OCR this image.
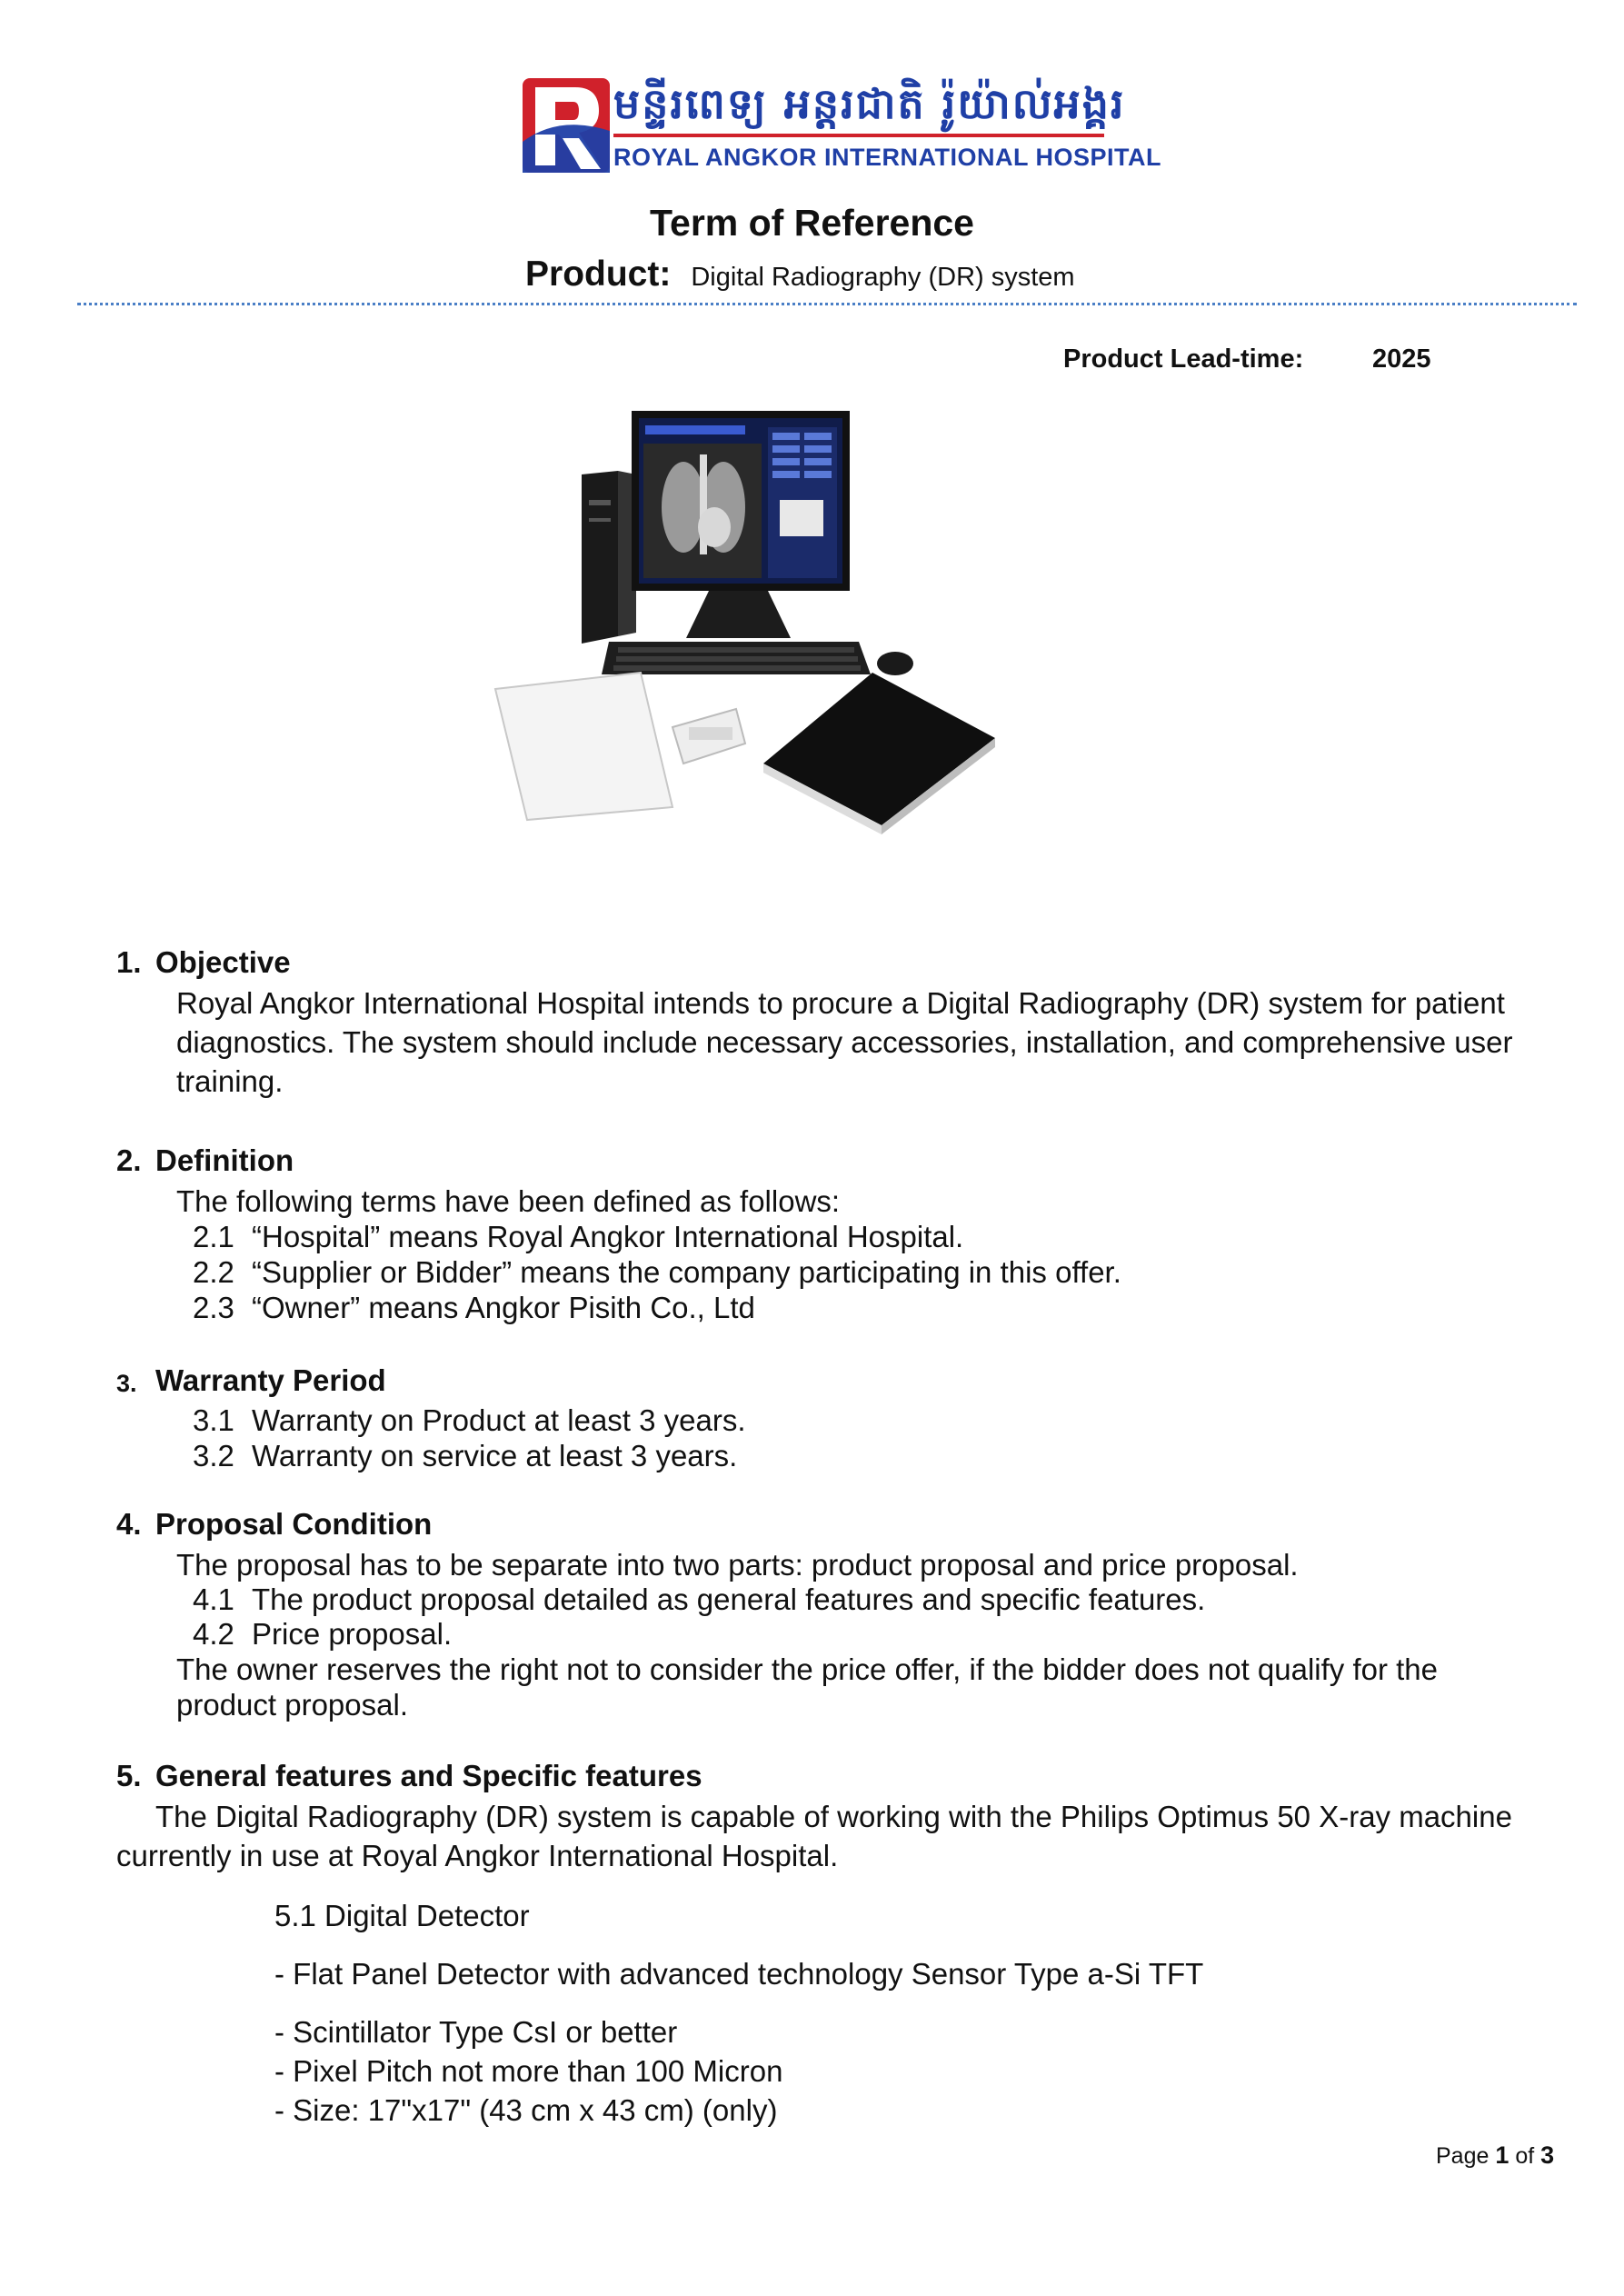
មន្ទីរពេទ្យ អន្តរជាតិ រ៉ូយ៉ាល់អង្គរ
ROYAL ANGKOR INTERNATIONAL HOSPITAL
Term of Reference
Product: Digital Radiography (DR) system
Product Lead-time:	2025
1. Objective
Royal Angkor International Hospital intends to procure a Digital Radiography (DR) system for patient
diagnostics. The system should include necessary accessories, installation, and comprehensive user
training.
2. Definition
The following terms have been defined as follows:
2.1 “Hospital” means Royal Angkor International Hospital.
2.2 “Supplier or Bidder” means the company participating in this offer.
2.3 “Owner” means Angkor Pisith Co., Ltd
3. Warranty Period
3.1 Warranty on Product at least 3 years.
3.2 Warranty on service at least 3 years.
4. Proposal Condition
The proposal has to be separate into two parts: product proposal and price proposal.
4.1 The product proposal detailed as general features and specific features.
4.2 Price proposal.
The owner reserves the right not to consider the price offer, if the bidder does not qualify for the
product proposal.
5. General features and Specific features
The Digital Radiography (DR) system is capable of working with the Philips Optimus 50 X-ray machine
currently in use at Royal Angkor International Hospital.
5.1 Digital Detector
- Flat Panel Detector with advanced technology Sensor Type a-Si TFT
- Scintillator Type CsI or better
- Pixel Pitch not more than 100 Micron
- Size: 17"x17" (43 cm x 43 cm) (only)
Page 1 of 3
